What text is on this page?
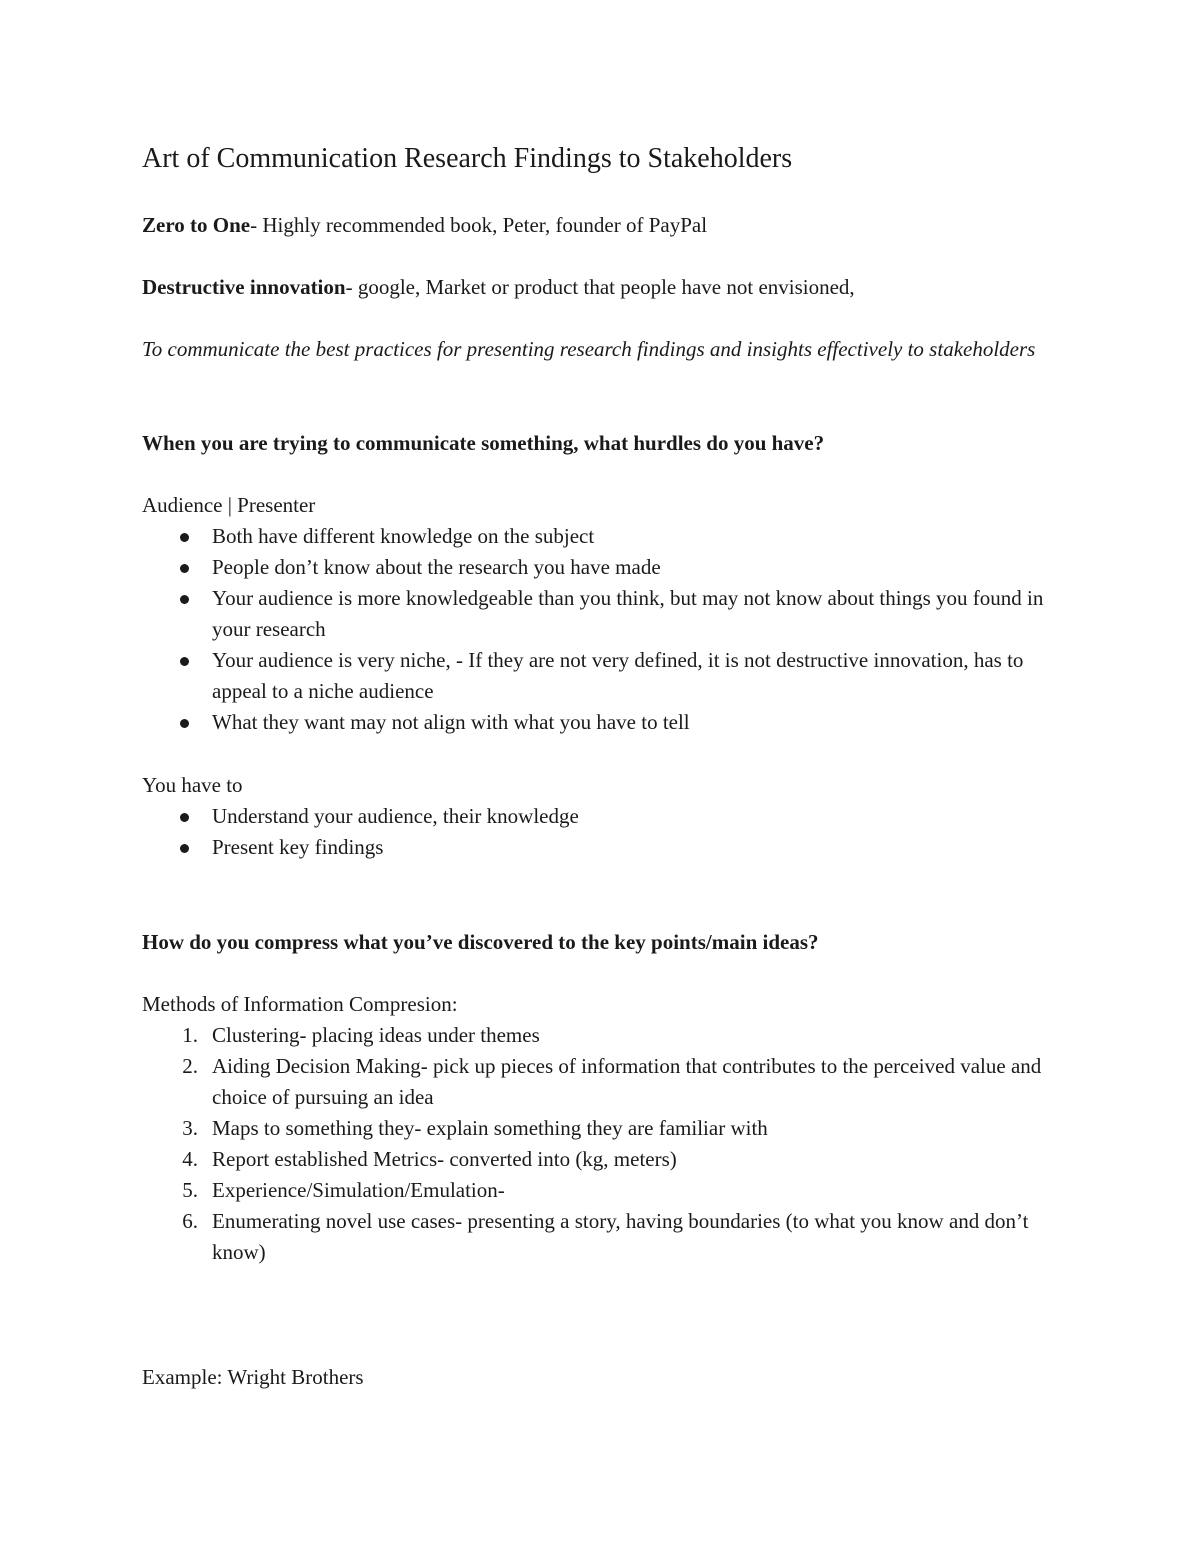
Art of Communication Research Findings to Stakeholders
Zero to One- Highly recommended book, Peter, founder of PayPal
Destructive innovation- google, Market or product that people have not envisioned,
To communicate the best practices for presenting research findings and insights effectively to stakeholders
When you are trying to communicate something, what hurdles do you have?
Audience | Presenter
Both have different knowledge on the subject
People don’t know about the research you have made
Your audience is more knowledgeable than you think, but may not know about things you found in your research
Your audience is very niche, - If they are not very defined, it is not destructive innovation, has to appeal to a niche audience
What they want may not align with what you have to tell
You have to
Understand your audience, their knowledge
Present key findings
How do you compress what you’ve discovered to the key points/main ideas?
Methods of Information Compresion:
1. Clustering- placing ideas under themes
2. Aiding Decision Making- pick up pieces of information that contributes to the perceived value and choice of pursuing an idea
3. Maps to something they- explain something they are familiar with
4. Report established Metrics- converted into (kg, meters)
5. Experience/Simulation/Emulation-
6. Enumerating novel use cases- presenting a story, having boundaries (to what you know and don’t know)
Example: Wright Brothers
